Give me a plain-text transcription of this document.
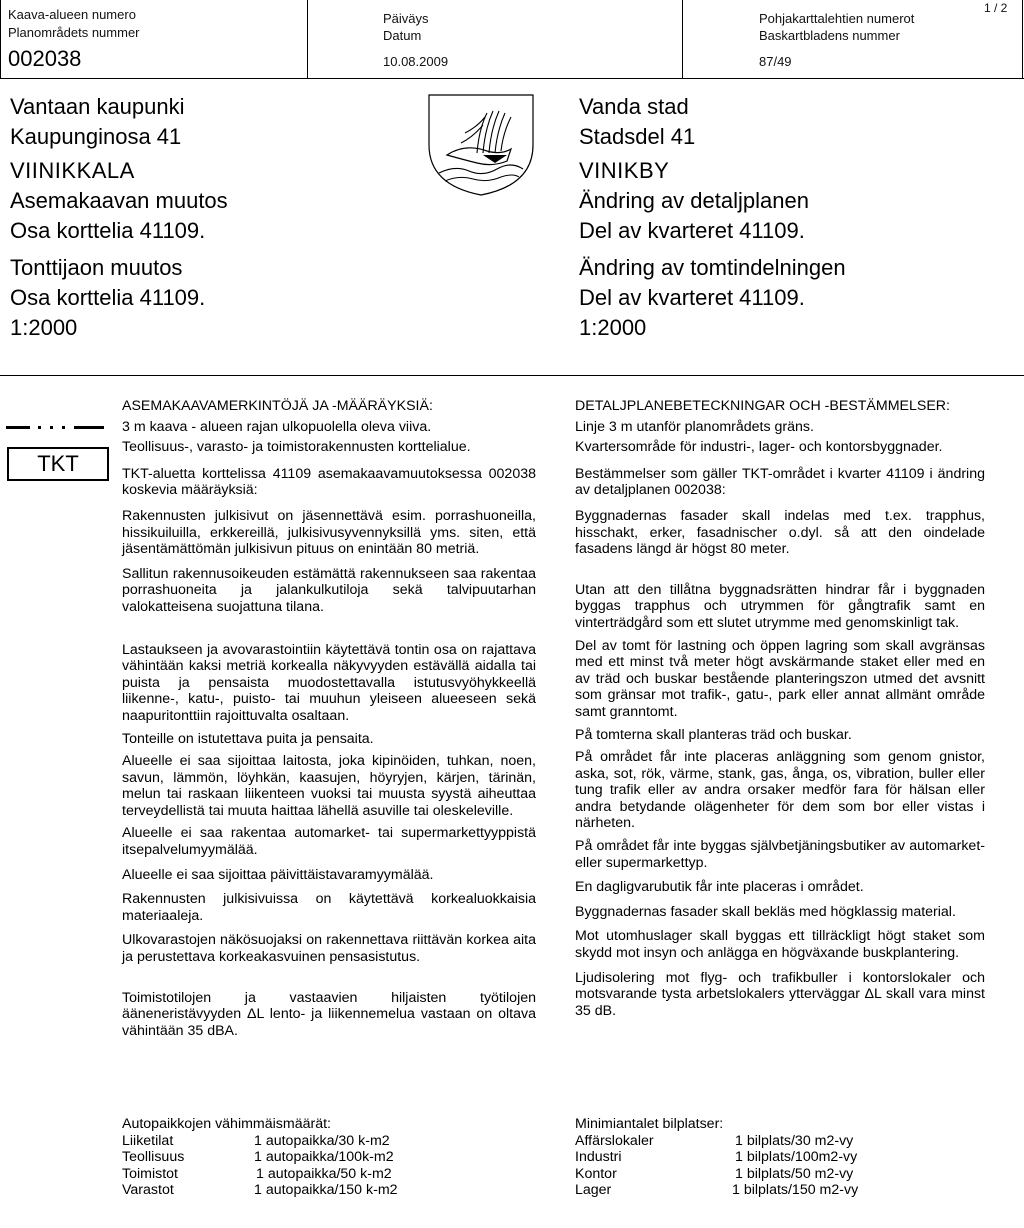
Kaava-alueen numero
Planområdets nummer
002038
Päiväys
Datum
10.08.2009
Pohjakarttalehtien numerot
Baskartbladens nummer
87/49
1 / 2
Vantaan kaupunki
Kaupunginosa 41
VIINIKKALA
Asemakaavan muutos
Osa korttelia 41109.
Tonttijaon muutos
Osa korttelia 41109.
1:2000
Vanda stad
Stadsdel 41
VINIKBY
Ändring av detaljplanen
Del av kvarteret 41109.
Ändring av tomtindelningen
Del av kvarteret 41109.
1:2000
TKT

ASEMAKAAVAMERKINTÖJÄ JA -MÄÄRÄYKSIÄ:

3 m kaava - alueen rajan ulkopuolella oleva viiva.

Teollisuus-, varasto- ja toimistorakennusten korttelialue.

TKT-aluetta korttelissa 41109 asemakaavamuutoksessa 002038 koskevia määräyksiä:

Rakennusten julkisivut on jäsennettävä esim. porrashuoneilla, hissikuiluilla, erkkereillä, julkisivusyvennyksillä yms. siten, että jäsentämättömän julkisivun pituus on enintään 80 metriä.

Sallitun rakennusoikeuden estämättä rakennukseen saa rakentaa porrashuoneita ja jalankulkutiloja sekä talvipuutarhan valokatteisena suojattuna tilana.

Lastaukseen ja avovarastointiin käytettävä tontin osa on rajattava vähintään kaksi metriä korkealla näkyvyyden estävällä aidalla tai puista ja pensaista muodostettavalla istutusvyöhykkeellä liikenne-, katu-, puisto- tai muuhun yleiseen alueeseen sekä naapuritonttiin rajoittuvalta osaltaan.

Tonteille on istutettava puita ja pensaita.

Alueelle ei saa sijoittaa laitosta, joka kipinöiden, tuhkan, noen, savun, lämmön, löyhkän, kaasujen, höyryjen, kärjen, tärinän, melun tai raskaan liikenteen vuoksi tai muusta syystä aiheuttaa terveydellistä tai muuta haittaa lähellä asuville tai oleskeleville.

Alueelle ei saa rakentaa automarket- tai supermarkettyyppistä itsepalvelumyymälää.

Alueelle ei saa sijoittaa päivittäistavaramyymälää.

Rakennusten julkisivuissa on käytettävä korkealuokkaisia materiaaleja.

Ulkovarastojen näkösuojaksi on rakennettava riittävän korkea aita ja perustettava korkeakasvuinen pensasistutus.

Toimistotilojen ja vastaavien hiljaisten työtilojen ääneneristävyyden ΔL lento- ja liikennemelua vastaan on oltava vähintään 35 dBA.

Autopaikkojen vähimmäismäärät:
Liiketilat	1 autopaikka/30 k-m2
Teollisuus	1 autopaikka/100k-m2
Toimistot	1 autopaikka/50 k-m2
Varastot	1 autopaikka/150 k-m2

DETALJPLANEBETECKNINGAR OCH -BESTÄMMELSER:

Linje 3 m utanför planområdets gräns.

Kvartersområde för industri-, lager- och kontorsbyggnader.

Bestämmelser som gäller TKT-området i kvarter 41109 i ändring av detaljplanen 002038:

Byggnadernas fasader skall indelas med t.ex. trapphus, hisschakt, erker, fasadnischer o.dyl. så att den oindelade fasadens längd är högst 80 meter.

Utan att den tillåtna byggnadsrätten hindrar får i byggnaden byggas trapphus och utrymmen för gångtrafik samt en vinterträdgård som ett slutet utrymme med genomskinligt tak.

Del av tomt för lastning och öppen lagring som skall avgränsas med ett minst två meter högt avskärmande staket eller med en av träd och buskar bestående planteringszon utmed det avsnitt som gränsar mot trafik-, gatu-, park eller annat allmänt område samt granntomt.

På tomterna skall planteras träd och buskar.

På området får inte placeras anläggning som genom gnistor, aska, sot, rök, värme, stank, gas, ånga, os, vibration, buller eller tung trafik eller av andra orsaker medför fara för hälsan eller andra betydande olägenheter för dem som bor eller vistas i närheten.

På området får inte byggas självbetjäningsbutiker av automarket- eller supermarkettyp.

En dagligvarubutik får inte placeras i området.

Byggnadernas fasader skall bekläs med högklassig material.

Mot utomhuslager skall byggas ett tillräckligt högt staket som skydd mot insyn och anlägga en högväxande buskplantering.

Ljudisolering mot flyg- och trafikbuller i kontorslokaler och motsvarande tysta arbetslokalers ytterväggar ΔL skall vara minst 35 dB.

Minimiantalet bilplatser:
Affärslokaler	1 bilplats/30 m2-vy
Industri	1 bilplats/100m2-vy
Kontor	1 bilplats/50 m2-vy
Lager	1 bilplats/150 m2-vy
